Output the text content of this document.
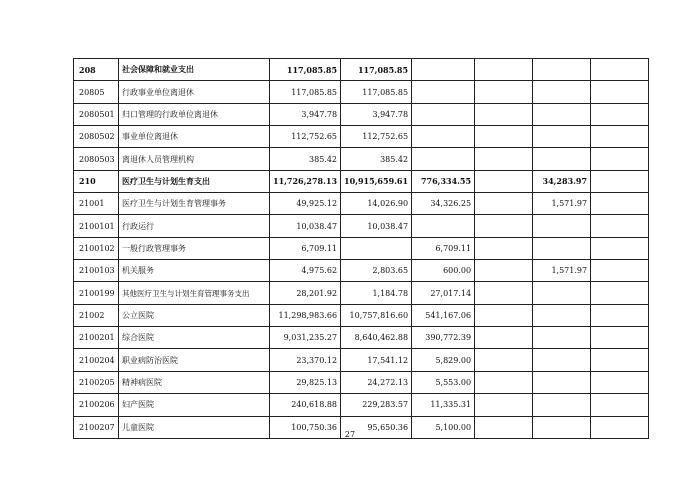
208	社会保障和就业支出	117,085.85	117,085.85				
20805	行政事业单位离退休	117,085.85	117,085.85				
2080501	归口管理的行政单位离退休	3,947.78	3,947.78				
2080502	事业单位离退休	112,752.65	112,752.65				
2080503	离退休人员管理机构	385.42	385.42				
210	医疗卫生与计划生育支出	11,726,278.13	10,915,659.61	776,334.55		34,283.97	
21001	医疗卫生与计划生育管理事务	49,925.12	14,026.90	34,326.25		1,571.97	
2100101	行政运行	10,038.47	10,038.47				
2100102	一般行政管理事务	6,709.11		6,709.11			
2100103	机关服务	4,975.62	2,803.65	600.00		1,571.97	
2100199	其他医疗卫生与计划生育管理事务支出	28,201.92	1,184.78	27,017.14			
21002	公立医院	11,298,983.66	10,757,816.60	541,167.06			
2100201	综合医院	9,031,235.27	8,640,462.88	390,772.39			
2100204	职业病防治医院	23,370.12	17,541.12	5,829.00			
2100205	精神病医院	29,825.13	24,272.13	5,553.00			
2100206	妇产医院	240,618.88	229,283.57	11,335.31			
2100207	儿童医院	100,750.36	95,650.36	5,100.00			
27
